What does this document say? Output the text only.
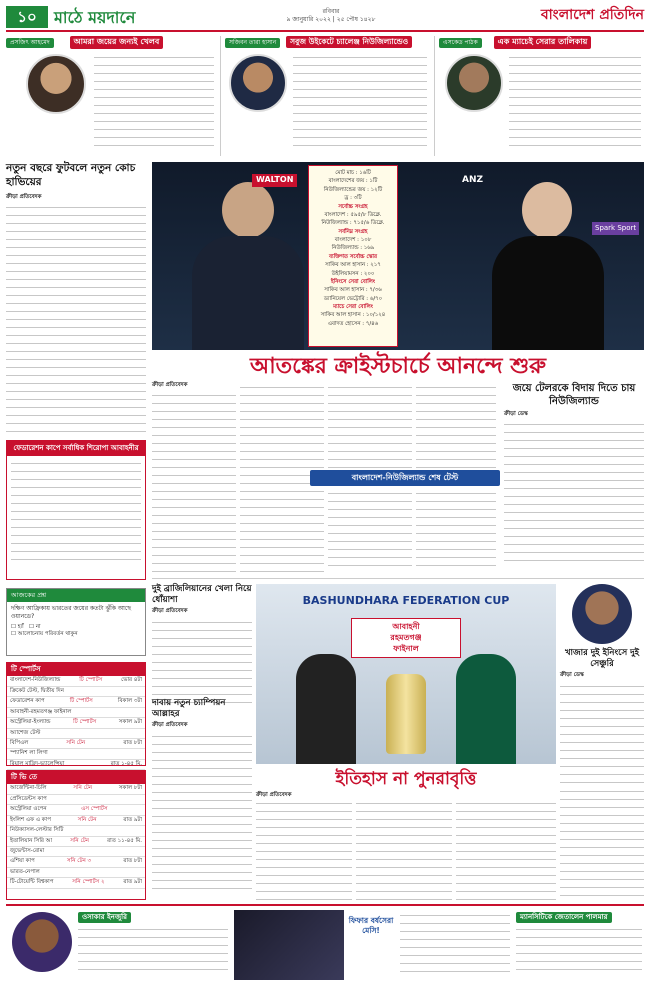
১০	মাঠে ময়দানে	রবিবার
৯ জানুয়ারি ২০২২ | ২৫ পৌষ ১৪২৮	বাংলাদেশ প্রতিদিন
প্রসজিৎ আহমেদ	আমরা জয়ের জন্যই খেলব	সজিবন তারা হাসান সবুজ উইকেটে চ্যালেঞ্জ নিউজিল্যান্ডেও	এসকেড পাঠক এক ম্যাচেই সেরার তালিকায়
নতুন বছরে ফুটবলে নতুন কোচ হাভিয়ের
ক্রীড়া প্রতিবেদক
ফেডারেশন কাপে সর্বাধিক শিরোপা আবাহনীর
আজকের প্রশ্ন
দক্ষিণ আফ্রিকায় ভারতের জয়ের কতটা ঝুঁকি আছে ওয়ানডে?
☐ হ্যাঁ   ☐ না
☐ আলোচনায় পরিবর্তন থাকুন
টি স্পোর্টস
বাংলাদেশ-নিউজিল্যান্ড	টি স্পোর্টস	ভোর ৪টা
ক্রিকেট টেস্ট, দ্বিতীয় দিন
ফেডারেশন কাপ	টি স্পোর্টস	বিকাল ৩টা
আবাহনী-রহমতগঞ্জ ফাইনাল
অস্ট্রেলিয়া-ইংল্যান্ড	টি স্পোর্টস	সকাল ৯টা
অ্যাশেজ টেস্ট
বিপিএল	সনি টেন	রাত ৮টা
স্প্যানিশ লা লিগা
রিয়াল মাদ্রিদ-ভ্যালেন্সিয়া	রাত ১-৪৫ মি.
টি ভি তে
আর্জেন্টিনা-চিলি	সনি টেন	সকাল ৮টা
প্রেসিডেন্টস কাপ
অস্ট্রেলিয়া ওপেন	এস স্পোর্টস
ইংলিশ এফ এ কাপ	সনি টেন	রাত ৯টা
নিউক্যাসল-লেস্টার সিটি
ইতালিয়ান সিরি আ	সনি টেন	রাত ১১-৪৫ মি.
জুভেন্টাস-রোমা
এশিয়া কাপ	সনি টেন ৩	রাত ৮টা
ভারত-নেপাল
টি-টোয়েন্টি বিশ্বকাপ	সনি স্পোর্টস ২	রাত ৯টা
WALTON	ANZ
Spark Sport
মোট মাচ : ১৬টি
বাংলাদেশের জয় : ১টি
নিউজিল্যান্ডের জয় : ১২টি
ড্র : ৩টি
সর্বোচ্চ সংগ্রহ
বাংলাদেশ : ৫৯৫/৮ ডিক্লে.
নিউজিল্যান্ড : ৭১৫/৬ ডিক্লে.
সর্বনিম্ন সংগ্রহ
বাংলাদেশ : ১০৮
নিউজিল্যান্ড : ১৬৯
ব্যক্তিগত সর্বোচ্চ স্কোর
সাকিব আল হাসান : ২১৭
উইলিয়ামসন : ২০০
ইনিংসে সেরা বোলিং
সাকিব আল হাসান : ৭/৩৬
ড্যানিয়েল ভেট্টোরি : ৬/৭০
ম্যাচে সেরা বোলিং
সাকিব আল হাসান : ১০/১২৪
এবাদত হোসেন : ৭/৪৬
আতঙ্কের ক্রাইস্টচার্চে আনন্দে শুরু
ক্রীড়া প্রতিবেদক
বাংলাদেশ-নিউজিল্যান্ড শেষ টেস্ট
জয়ে টেলরকে বিদায় দিতে চায় নিউজিল্যান্ড
ক্রীড়া ডেস্ক
দুই ব্রাজিলিয়ানের খেলা নিয়ে ধোঁয়াশা
ক্রীড়া প্রতিবেদক
BASHUNDHARA FEDERATION CUP
আবাহনী
রহমতগঞ্জ
ফাইনাল	খাজার দুই ইনিংসে দুই সেঞ্চুরি
ক্রীড়া ডেস্ক
দাবায় নতুন চ্যাম্পিয়ন আল্লাহর
ক্রীড়া প্রতিবেদক
ইতিহাস না পুনরাবৃত্তি
ক্রীড়া প্রতিবেদক
ওসাকার ইনজুরি	ফিফার বর্ষসেরা মেসি!
ম্যানসিটিকে জেতালেন পালমার
